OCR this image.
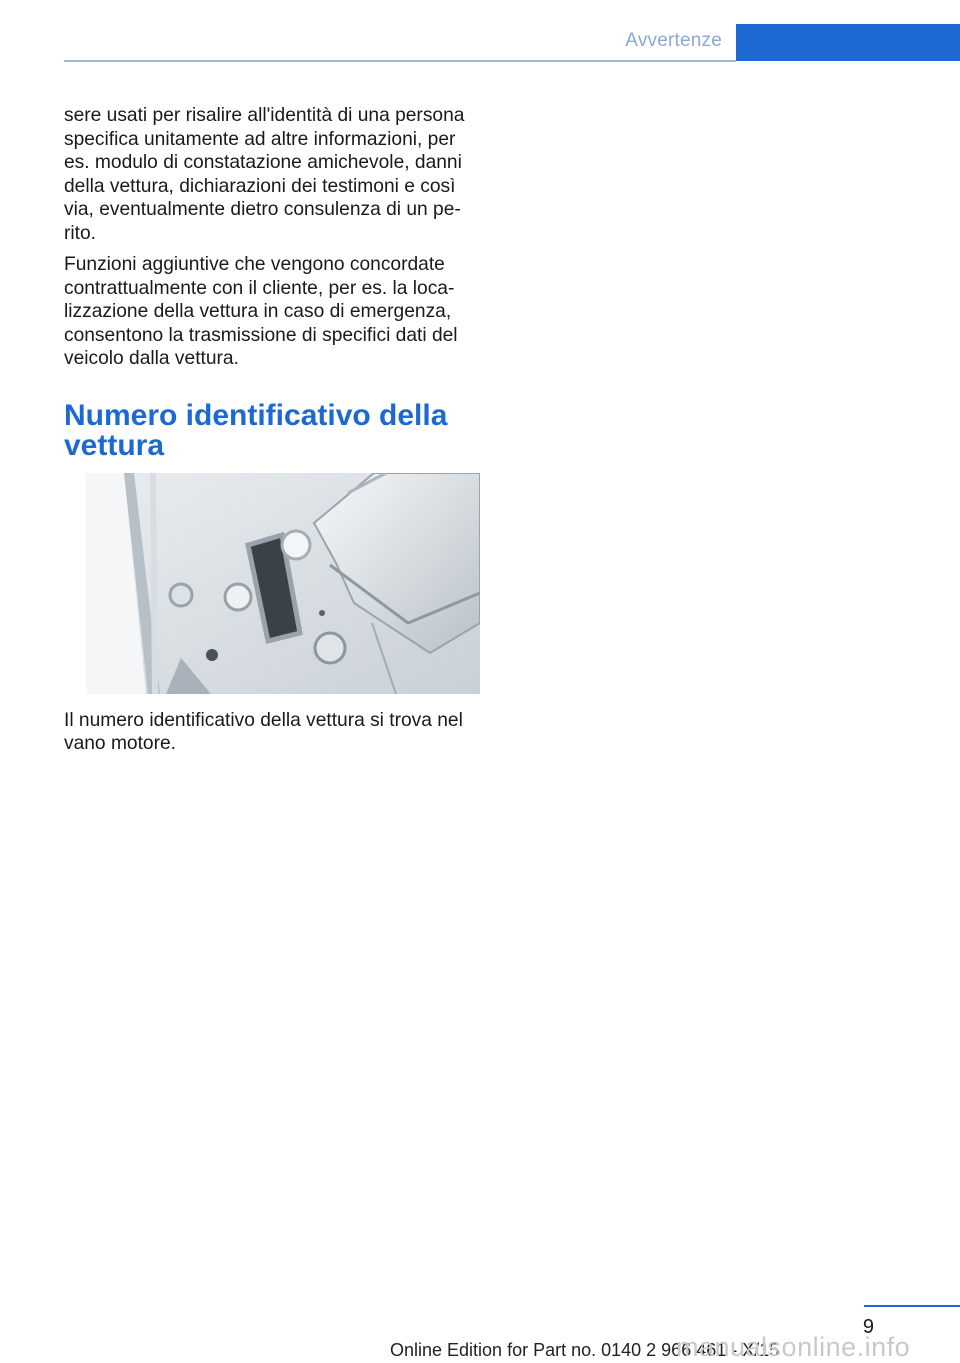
Avvertenze

sere usati per risalire all'identità di una persona specifica unitamente ad altre informazioni, per es. modulo di constatazione amichevole, danni della vettura, dichiarazioni dei testimoni e così via, eventualmente dietro consulenza di un perito.

Funzioni aggiuntive che vengono concordate contrattualmente con il cliente, per es. la localizzazione della vettura in caso di emergenza, consentono la trasmissione di specifici dati del veicolo dalla vettura.

Numero identificativo della vettura

Il numero identificativo della vettura si trova nel vano motore.

9
Online Edition for Part no. 0140 2 966 461 - X/15
manualsonline.info
